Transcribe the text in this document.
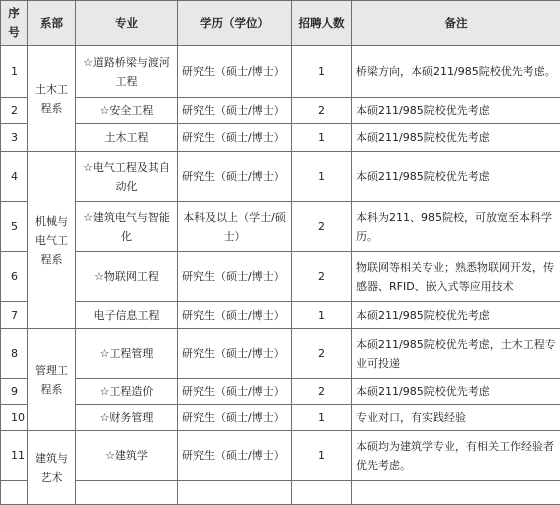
序号	系部	专业	学历（学位）	招聘人数	备注
1	土木工程系	☆道路桥梁与渡河工程	研究生（硕士/博士）	1	桥梁方向，本硕211/985院校优先考虑。
2		☆安全工程	研究生（硕士/博士）	2	本硕211/985院校优先考虑
3		土木工程	研究生（硕士/博士）	1	本硕211/985院校优先考虑
4	机械与电气工程系	☆电气工程及其自动化	研究生（硕士/博士）	1	本硕211/985院校优先考虑
5		☆建筑电气与智能化	本科及以上（学士/硕士）	2	本科为211、985院校，可放宽至本科学历。
6		☆物联网工程	研究生（硕士/博士）	2	物联网等相关专业；熟悉物联网开发，传感器、RFID、嵌入式等应用技术
7		电子信息工程	研究生（硕士/博士）	1	本硕211/985院校优先考虑
8	管理工程系	☆工程管理	研究生（硕士/博士）	2	本硕211/985院校优先考虑，土木工程专业可投递
9		☆工程造价	研究生（硕士/博士）	2	本硕211/985院校优先考虑
10		☆财务管理	研究生（硕士/博士）	1	专业对口，有实践经验
11	建筑与艺术	☆建筑学	研究生（硕士/博士）	1	本硕均为建筑学专业，有相关工作经验者优先考虑。
